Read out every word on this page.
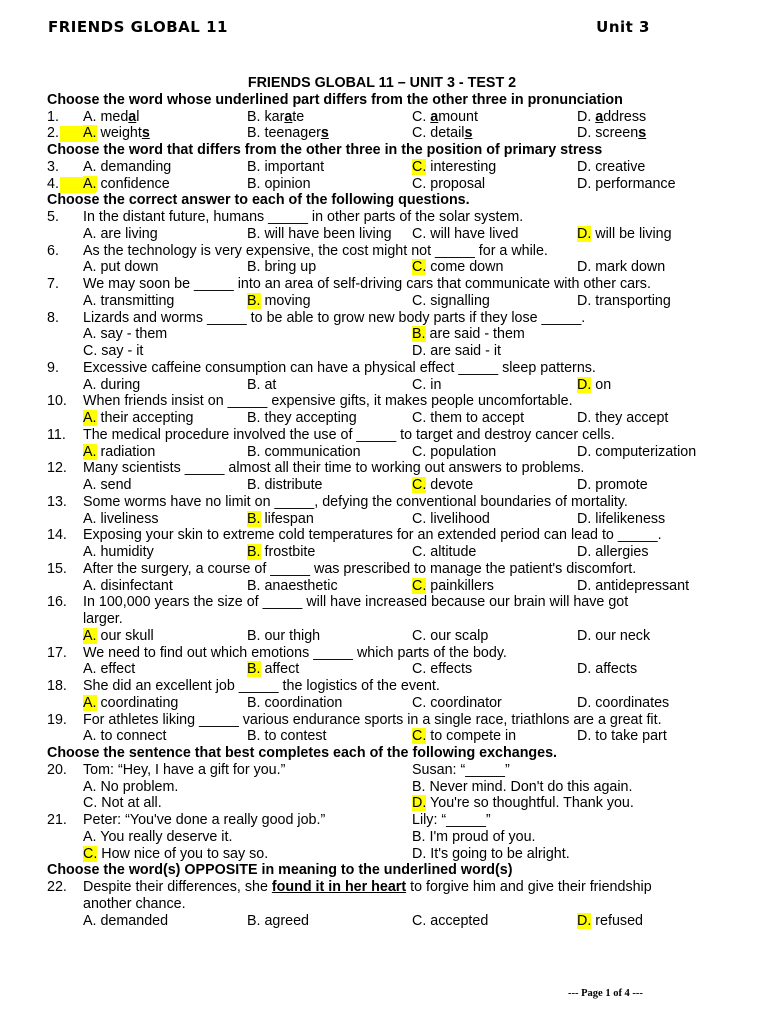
FRIENDS GLOBAL 11	Unit 3
FRIENDS GLOBAL 11 – UNIT 3 - TEST 2
Choose the word whose underlined part differs from the other three in pronunciation
1. A. medal	B. karate	C. amount	D. address
2. A. weights	B. teenagers	C. details	D. screens
Choose the word that differs from the other three in the position of primary stress
3. A. demanding	B. important	C. interesting	D. creative
4. A. confidence	B. opinion	C. proposal	D. performance
Choose the correct answer to each of the following questions.
5. In the distant future, humans _____ in other parts of the solar system.
A. are living	B. will have been living C. will have lived	D. will be living
6. As the technology is very expensive, the cost might not _____ for a while.
A. put down	B. bring up	C. come down	D. mark down
7. We may soon be _____ into an area of self-driving cars that communicate with other cars.
A. transmitting	B. moving	C. signalling	D. transporting
8. Lizards and worms _____ to be able to grow new body parts if they lose _____.
A. say - them	B. are said - them
C. say - it	D. are said - it
9. Excessive caffeine consumption can have a physical effect _____ sleep patterns.
A. during	B. at	C. in	D. on
10. When friends insist on _____ expensive gifts, it makes people uncomfortable.
A. their accepting	B. they accepting	C. them to accept	D. they accept
11. The medical procedure involved the use of _____ to target and destroy cancer cells.
A. radiation	B. communication	C. population	D. computerization
12. Many scientists _____ almost all their time to working out answers to problems.
A. send	B. distribute	C. devote	D. promote
13. Some worms have no limit on _____, defying the conventional boundaries of mortality.
A. liveliness	B. lifespan	C. livelihood	D. lifelikeness
14. Exposing your skin to extreme cold temperatures for an extended period can lead to _____.
A. humidity	B. frostbite	C. altitude	D. allergies
15. After the surgery, a course of _____ was prescribed to manage the patient's discomfort.
A. disinfectant	B. anaesthetic	C. painkillers	D. antidepressant
16. In 100,000 years the size of _____ will have increased because our brain will have got
larger.
A. our skull	B. our thigh	C. our scalp	D. our neck
17. We need to find out which emotions _____ which parts of the body.
A. effect	B. affect	C. effects	D. affects
18. She did an excellent job _____ the logistics of the event.
A. coordinating	B. coordination	C. coordinator	D. coordinates
19. For athletes liking _____ various endurance sports in a single race, triathlons are a great fit.
A. to connect	B. to contest	C. to compete in	D. to take part
Choose the sentence that best completes each of the following exchanges.
20. Tom: “Hey, I have a gift for you.”	Susan: “_____”
A. No problem.	B. Never mind. Don't do this again.
C. Not at all.	D. You're so thoughtful. Thank you.
21. Peter: “You've done a really good job.”	Lily: “_____”
A. You really deserve it.	B. I'm proud of you.
C. How nice of you to say so.	D. It's going to be alright.
Choose the word(s) OPPOSITE in meaning to the underlined word(s)
22. Despite their differences, she found it in her heart to forgive him and give their friendship
another chance.
A. demanded	B. agreed	C. accepted	D. refused
--- Page 1 of 4 ---
